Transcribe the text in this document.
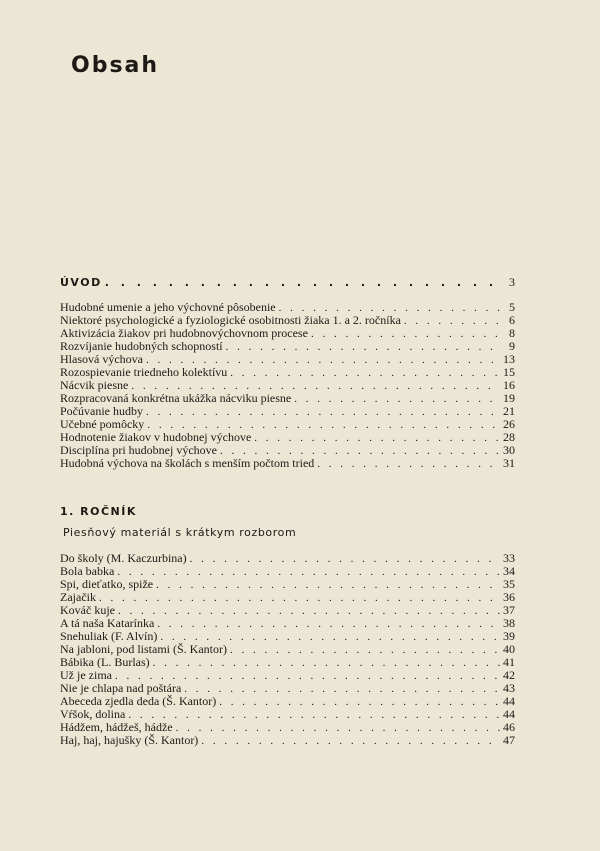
Obsah
ÚVOD . . .	3
Hudobné umenie a jeho výchovné pôsobenie . . .	5
Niektoré psychologické a fyziologické osobitnosti žiaka 1. a 2. ročníka . . .	6
Aktivizácia žiakov pri hudobnovýchovnom procese . . .	8
Rozvíjanie hudobných schopností . . .	9
Hlasová výchova . . .	13
Rozospievanie triedneho kolektívu . . .	15
Nácvik piesne . . .	16
Rozpracovaná konkrétna ukážka nácviku piesne . . .	19
Počúvanie hudby . . .	21
Učebné pomôcky . . .	26
Hodnotenie žiakov v hudobnej výchove . . .	28
Disciplína pri hudobnej výchove . . .	30
Hudobná výchova na školách s menším počtom tried . . .	31
1. ROČNÍK
Piesňový materiál s krátkym rozborom
Do školy (M. Kaczurbina) . . .	33
Bola babka . . .	34
Spi, dieťatko, spiže . . .	35
Zajačik . . .	36
Kováč kuje . . .	37
A tá naša Katarínka . . .	38
Snehuliak (F. Alvín) . . .	39
Na jabloni, pod listami (Š. Kantor) . . .	40
Bábika (L. Burlas) . . .	41
Už je zima . . .	42
Nie je chlapa nad poštára . . .	43
Abeceda zjedla deda (Š. Kantor) . . .	44
Vŕšok, dolina . . .	44
Hádžem, hádžeš, hádže . . .	46
Haj, haj, hajušky (Š. Kantor) . . .	47
